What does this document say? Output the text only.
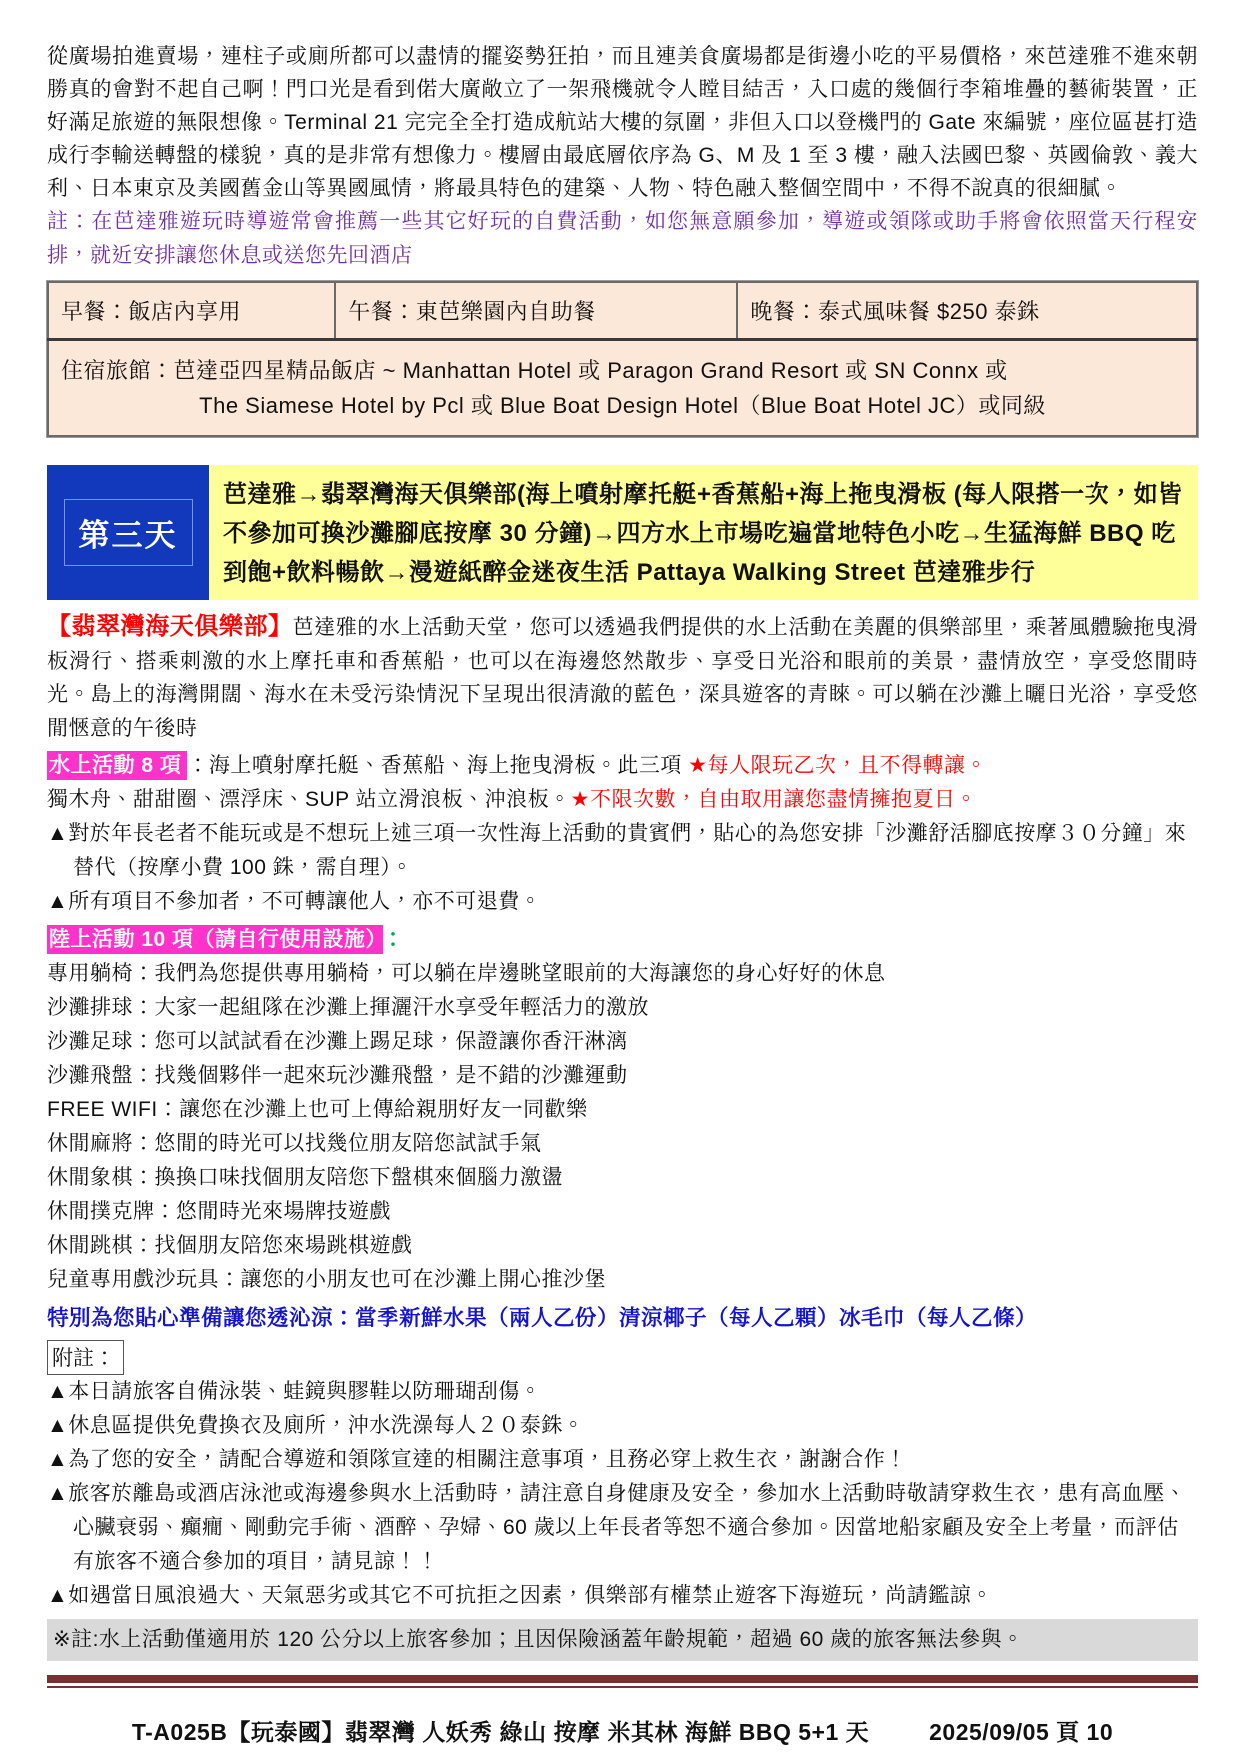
從廣場拍進賣場，連柱子或廁所都可以盡情的擺姿勢狂拍，而且連美食廣場都是街邊小吃的平易價格，來芭達雅不進來朝勝真的會對不起自己啊！門口光是看到偌大廣敞立了一架飛機就令人瞠目結舌，入口處的幾個行李箱堆疊的藝術裝置，正好滿足旅遊的無限想像。Terminal 21 完完全全打造成航站大樓的氛圍，非但入口以登機門的 Gate 來編號，座位區甚打造成行李輸送轉盤的樣貌，真的是非常有想像力。樓層由最底層依序為 G、M 及 1 至 3 樓，融入法國巴黎、英國倫敦、義大利、日本東京及美國舊金山等異國風情，將最具特色的建築、人物、特色融入整個空間中，不得不說真的很細膩。
註：在芭達雅遊玩時導遊常會推薦一些其它好玩的自費活動，如您無意願參加，導遊或領隊或助手將會依照當天行程安排，就近安排讓您休息或送您先回酒店
早餐：飯店內享用	午餐：東芭樂園內自助餐	晚餐：泰式風味餐 $250 泰銖

住宿旅館：芭達亞四星精品飯店 ~ Manhattan Hotel 或 Paragon Grand Resort 或 SN Connx 或
The Siamese Hotel by Pcl 或 Blue Boat Design Hotel（Blue Boat Hotel JC）或同級
第三天
芭達雅→翡翠灣海天俱樂部(海上噴射摩托艇+香蕉船+海上拖曳滑板 (每人限搭一次，如皆不參加可換沙灘腳底按摩 30 分鐘)→四方水上市場吃遍當地特色小吃→生猛海鮮 BBQ 吃到飽+飲料暢飲→漫遊紙醉金迷夜生活 Pattaya Walking Street 芭達雅步行
【翡翠灣海天俱樂部】芭達雅的水上活動天堂，您可以透過我們提供的水上活動在美麗的俱樂部里，乘著風體驗拖曳滑板滑行、搭乘刺激的水上摩托車和香蕉船，也可以在海邊悠然散步、享受日光浴和眼前的美景，盡情放空，享受悠閒時光。島上的海灣開闊、海水在未受污染情況下呈現出很清澈的藍色，深具遊客的青睞。可以躺在沙灘上曬日光浴，享受悠閒愜意的午後時
水上活動 8 項 ：海上噴射摩托艇、香蕉船、海上拖曳滑板。此三項 ★每人限玩乙次，且不得轉讓。
獨木舟、甜甜圈、漂浮床、SUP 站立滑浪板、沖浪板。★不限次數，自由取用讓您盡情擁抱夏日。
▲對於年長老者不能玩或是不想玩上述三項一次性海上活動的貴賓們，貼心的為您安排「沙灘舒活腳底按摩３０分鐘」來替代（按摩小費 100 銖，需自理）。
▲所有項目不參加者，不可轉讓他人，亦不可退費。
陸上活動 10 項（請自行使用設施） ：
專用躺椅：我們為您提供專用躺椅，可以躺在岸邊眺望眼前的大海讓您的身心好好的休息
沙灘排球：大家一起組隊在沙灘上揮灑汗水享受年輕活力的激放
沙灘足球：您可以試試看在沙灘上踢足球，保證讓你香汗淋漓
沙灘飛盤：找幾個夥伴一起來玩沙灘飛盤，是不錯的沙灘運動
FREE WIFI：讓您在沙灘上也可上傳給親朋好友一同歡樂
休閒麻將：悠閒的時光可以找幾位朋友陪您試試手氣
休閒象棋：換換口味找個朋友陪您下盤棋來個腦力激盪
休閒撲克牌：悠閒時光來場牌技遊戲
休閒跳棋：找個朋友陪您來場跳棋遊戲
兒童專用戲沙玩具：讓您的小朋友也可在沙灘上開心推沙堡
特別為您貼心準備讓您透沁涼：當季新鮮水果（兩人乙份）清涼椰子（每人乙顆）冰毛巾（每人乙條）
附註：
▲本日請旅客自備泳裝、蛙鏡與膠鞋以防珊瑚刮傷。
▲休息區提供免費換衣及廁所，沖水洗澡每人２０泰銖。
▲為了您的安全，請配合導遊和領隊宣達的相關注意事項，且務必穿上救生衣，謝謝合作！
▲旅客於離島或酒店泳池或海邊參與水上活動時，請注意自身健康及安全，參加水上活動時敬請穿救生衣，患有高血壓、心臟衰弱、癲癇、剛動完手術、酒醉、孕婦、60 歲以上年長者等恕不適合參加。因當地船家顧及安全上考量，而評估有旅客不適合參加的項目，請見諒！！
▲如遇當日風浪過大、天氣惡劣或其它不可抗拒之因素，俱樂部有權禁止遊客下海遊玩，尚請鑑諒。
※註:水上活動僅適用於 120 公分以上旅客參加；且因保險涵蓋年齡規範，超過 60 歲的旅客無法參與。
T-A025B【玩泰國】翡翠灣 人妖秀 綠山 按摩 米其林 海鮮 BBQ 5+1 天	2025/09/05 頁 10
